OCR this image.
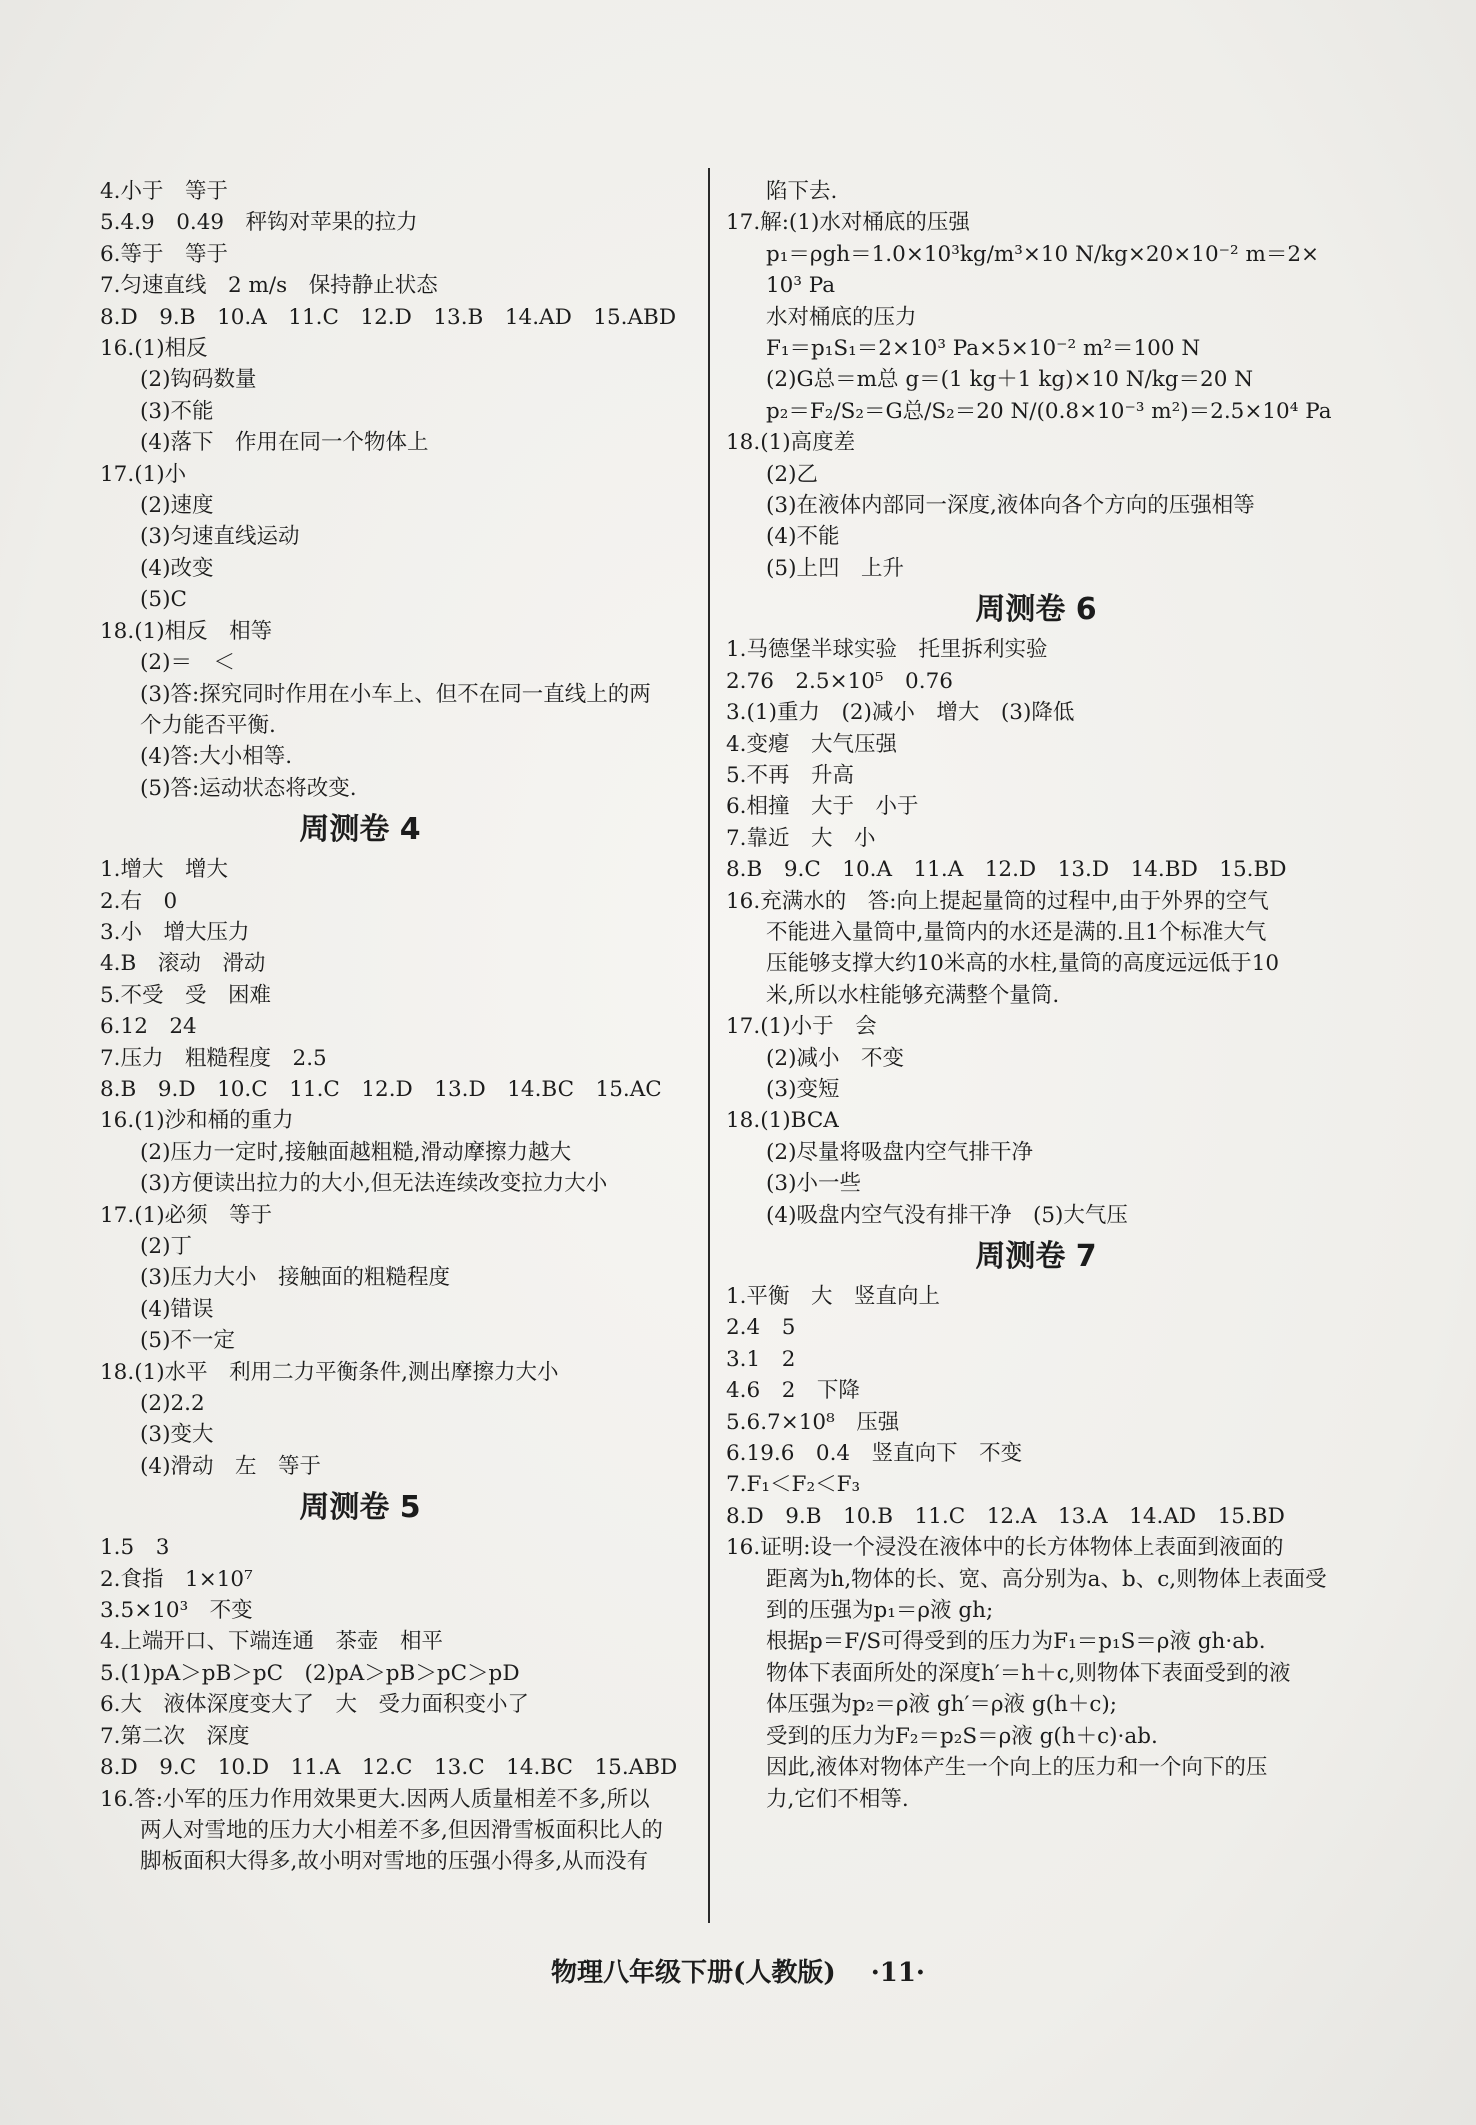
4.小于　等于
5.4.9　0.49　秤钩对苹果的拉力
6.等于　等于
7.匀速直线　2 m/s　保持静止状态
8.D　9.B　10.A　11.C　12.D　13.B　14.AD　15.ABD
16.(1)相反
(2)钩码数量
(3)不能
(4)落下　作用在同一个物体上
17.(1)小
(2)速度
(3)匀速直线运动
(4)改变
(5)C
18.(1)相反　相等
(2)＝　＜
(3)答:探究同时作用在小车上、但不在同一直线上的两
个力能否平衡.
(4)答:大小相等.
(5)答:运动状态将改变.
周测卷 4
1.增大　增大
2.右　0
3.小　增大压力
4.B　滚动　滑动
5.不受　受　困难
6.12　24
7.压力　粗糙程度　2.5
8.B　9.D　10.C　11.C　12.D　13.D　14.BC　15.AC
16.(1)沙和桶的重力
(2)压力一定时,接触面越粗糙,滑动摩擦力越大
(3)方便读出拉力的大小,但无法连续改变拉力大小
17.(1)必须　等于
(2)丁
(3)压力大小　接触面的粗糙程度
(4)错误
(5)不一定
18.(1)水平　利用二力平衡条件,测出摩擦力大小
(2)2.2
(3)变大
(4)滑动　左　等于
周测卷 5
1.5　3
2.食指　1×10⁷
3.5×10³　不变
4.上端开口、下端连通　茶壶　相平
5.(1)pA＞pB＞pC　(2)pA＞pB＞pC＞pD
6.大　液体深度变大了　大　受力面积变小了
7.第二次　深度
8.D　9.C　10.D　11.A　12.C　13.C　14.BC　15.ABD
16.答:小军的压力作用效果更大.因两人质量相差不多,所以
两人对雪地的压力大小相差不多,但因滑雪板面积比人的
脚板面积大得多,故小明对雪地的压强小得多,从而没有
陷下去.
17.解:(1)水对桶底的压强
p₁＝ρgh＝1.0×10³kg/m³×10 N/kg×20×10⁻² m＝2×
10³ Pa
水对桶底的压力
F₁＝p₁S₁＝2×10³ Pa×5×10⁻² m²＝100 N
(2)G总＝m总 g＝(1 kg＋1 kg)×10 N/kg＝20 N
p₂＝F₂/S₂＝G总/S₂＝20 N/(0.8×10⁻³ m²)＝2.5×10⁴ Pa
18.(1)高度差
(2)乙
(3)在液体内部同一深度,液体向各个方向的压强相等
(4)不能
(5)上凹　上升
周测卷 6
1.马德堡半球实验　托里拆利实验
2.76　2.5×10⁵　0.76
3.(1)重力　(2)减小　增大　(3)降低
4.变瘪　大气压强
5.不再　升高
6.相撞　大于　小于
7.靠近　大　小
8.B　9.C　10.A　11.A　12.D　13.D　14.BD　15.BD
16.充满水的　答:向上提起量筒的过程中,由于外界的空气
不能进入量筒中,量筒内的水还是满的.且1个标准大气
压能够支撑大约10米高的水柱,量筒的高度远远低于10
米,所以水柱能够充满整个量筒.
17.(1)小于　会
(2)减小　不变
(3)变短
18.(1)BCA
(2)尽量将吸盘内空气排干净
(3)小一些
(4)吸盘内空气没有排干净　(5)大气压
周测卷 7
1.平衡　大　竖直向上
2.4　5
3.1　2
4.6　2　下降
5.6.7×10⁸　压强
6.19.6　0.4　竖直向下　不变
7.F₁＜F₂＜F₃
8.D　9.B　10.B　11.C　12.A　13.A　14.AD　15.BD
16.证明:设一个浸没在液体中的长方体物体上表面到液面的
距离为h,物体的长、宽、高分别为a、b、c,则物体上表面受
到的压强为p₁＝ρ液 gh;
根据p＝F/S可得受到的压力为F₁＝p₁S＝ρ液 gh·ab.
物体下表面所处的深度h′＝h＋c,则物体下表面受到的液
体压强为p₂＝ρ液 gh′＝ρ液 g(h＋c);
受到的压力为F₂＝p₂S＝ρ液 g(h＋c)·ab.
因此,液体对物体产生一个向上的压力和一个向下的压
力,它们不相等.
物理八年级下册(人教版) ·11·
